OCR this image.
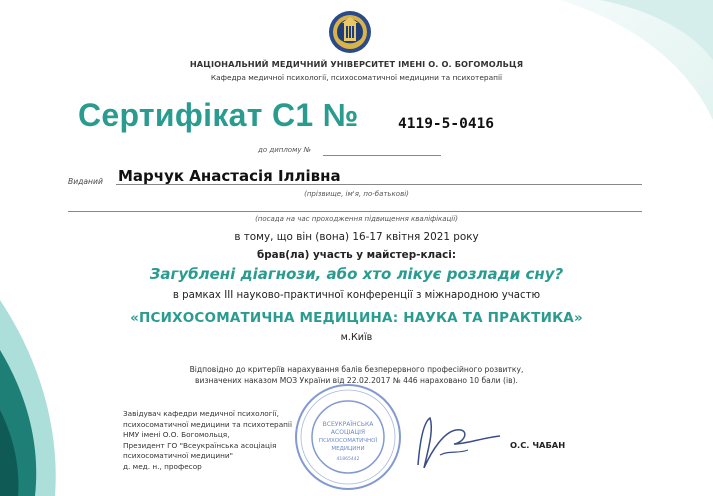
НАЦІОНАЛЬНИЙ МЕДИЧНИЙ УНІВЕРСИТЕТ ІМЕНІ О. О. БОГОМОЛЬЦЯ
Кафедра медичної психології, психосоматичної медицини та психотерапії
Сертифікат С1 №	4119-5-0416
до диплому №
Виданий Марчук Анастасія Іллівна
(прізвище, ім'я, по-батькові)
(посада на час проходження підвищення кваліфікації)
в тому, що він (вона) 16-17 квітня 2021 року
брав(ла) участь у майстер-класі:
Загублені діагнози, або хто лікує розлади сну?
в рамках III науково-практичної конференції з міжнародною участю
«ПСИХОСОМАТИЧНА МЕДИЦИНА: НАУКА ТА ПРАКТИКА»
м.Київ
Відповідно до критеріїв нарахування балів безперервного професійного розвитку,
визначених наказом МОЗ України від 22.02.2017 № 446 нараховано 10 бали (ів).
ВСЕУКРАЇНСЬКА
АСОЦІАЦІЯ
ПСИХОСОМАТИЧНОЇ
МЕДИЦИНИ
41865442
Завідувач кафедри медичної психології,
психосоматичної медицини та психотерапії
НМУ імені О.О. Богомольця,
Президент ГО "Всеукраїнська асоціація
психосоматичної медицини"
д. мед. н., професор
О.С. ЧАБАН
